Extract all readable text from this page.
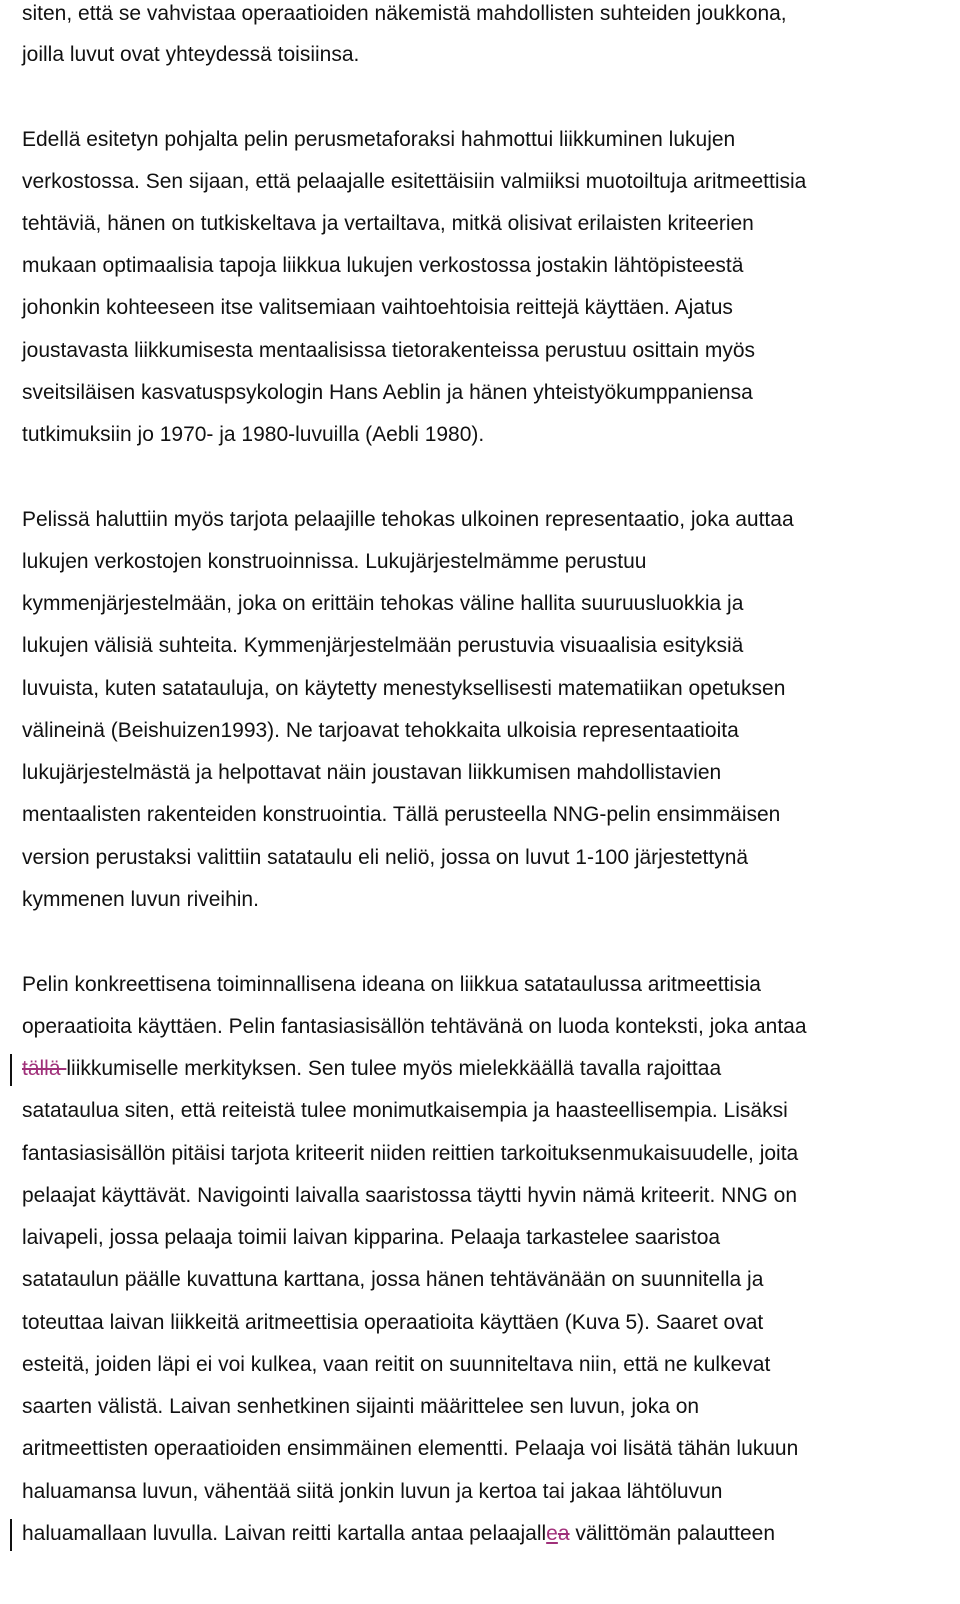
siten, että se vahvistaa operaatioiden näkemistä mahdollisten suhteiden joukkona,
joilla luvut ovat yhteydessä toisiinsa.
Edellä esitetyn pohjalta pelin perusmetaforaksi hahmottui liikkuminen lukujen
verkostossa. Sen sijaan, että pelaajalle esitettäisiin valmiiksi muotoiltuja aritmeettisia
tehtäviä, hänen on tutkiskeltava ja vertailtava, mitkä olisivat erilaisten kriteerien
mukaan optimaalisia tapoja liikkua lukujen verkostossa jostakin lähtöpisteestä
johonkin kohteeseen itse valitsemiaan vaihtoehtoisia reittejä käyttäen. Ajatus
joustavasta liikkumisesta mentaalisissa tietorakenteissa perustuu osittain myös
sveitsiläisen kasvatuspsykologin Hans Aeblin ja hänen yhteistyökumppaniensa
tutkimuksiin jo 1970- ja 1980-luvuilla (Aebli 1980).
Pelissä haluttiin myös tarjota pelaajille tehokas ulkoinen representaatio, joka auttaa
lukujen verkostojen konstruoinnissa. Lukujärjestelmämme perustuu
kymmenjärjestelmään, joka on erittäin tehokas väline hallita suuruusluokkia ja
lukujen välisiä suhteita. Kymmenjärjestelmään perustuvia visuaalisia esityksiä
luvuista, kuten satatauluja, on käytetty menestyksellisesti matematiikan opetuksen
välineinä (Beishuizen1993). Ne tarjoavat tehokkaita ulkoisia representaatioita
lukujärjestelmästä ja helpottavat näin joustavan liikkumisen mahdollistavien
mentaalisten rakenteiden konstruointia. Tällä perusteella NNG-pelin ensimmäisen
version perustaksi valittiin satataulu eli neliö, jossa on luvut 1-100 järjestettynä
kymmenen luvun riveihin.
Pelin konkreettisena toiminnallisena ideana on liikkua satataulussa aritmeettisia
operaatioita käyttäen. Pelin fantasiasisällön tehtävänä on luoda konteksti, joka antaa
tällä liikkumiselle merkityksen. Sen tulee myös mielekkäällä tavalla rajoittaa
satataulua siten, että reiteistä tulee monimutkaisempia ja haasteellisempia. Lisäksi
fantasiasisällön pitäisi tarjota kriteerit niiden reittien tarkoituksenmukaisuudelle, joita
pelaajat käyttävät. Navigointi laivalla saaristossa täytti hyvin nämä kriteerit. NNG on
laivapeli, jossa pelaaja toimii laivan kipparina. Pelaaja tarkastelee saaristoa
satataulun päälle kuvattuna karttana, jossa hänen tehtävänään on suunnitella ja
toteuttaa laivan liikkeitä aritmeettisia operaatioita käyttäen (Kuva 5). Saaret ovat
esteitä, joiden läpi ei voi kulkea, vaan reitit on suunniteltava niin, että ne kulkevat
saarten välistä. Laivan senhetkinen sijainti määrittelee sen luvun, joka on
aritmeettisten operaatioiden ensimmäinen elementti. Pelaaja voi lisätä tähän lukuun
haluamansa luvun, vähentää siitä jonkin luvun ja kertoa tai jakaa lähtöluvun
haluamallaan luvulla. Laivan reitti kartalla antaa pelaajallea välittömän palautteen
